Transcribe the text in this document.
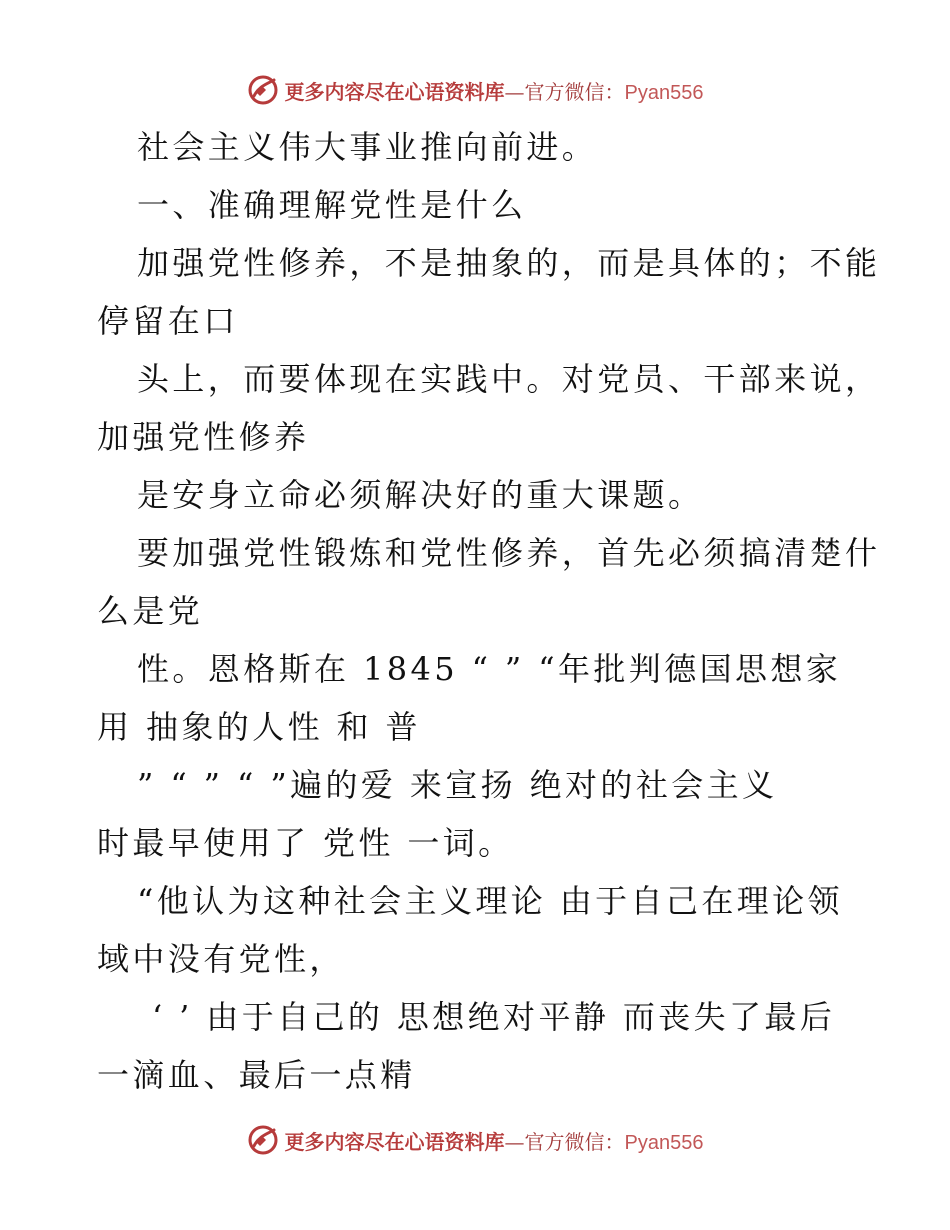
更多内容尽在心语资料库—官方微信：Pyan556
社会主义伟大事业推向前进。
一、准确理解党性是什么
加强党性修养，不是抽象的，而是具体的；不能
停留在口
头上，而要体现在实践中。对党员、干部来说，
加强党性修养
是安身立命必须解决好的重大课题。
要加强党性锻炼和党性修养，首先必须搞清楚什
么是党
性。恩格斯在 1845 “ ” “年批判德国思想家
用 抽象的人性 和 普
” “ ” “ ”遍的爱 来宣扬 绝对的社会主义
时最早使用了 党性 一词。
“他认为这种社会主义理论 由于自己在理论领
域中没有党性，
‘ ’ 由于自己的 思想绝对平静 而丧失了最后
一滴血、最后一点精
更多内容尽在心语资料库—官方微信：Pyan556
